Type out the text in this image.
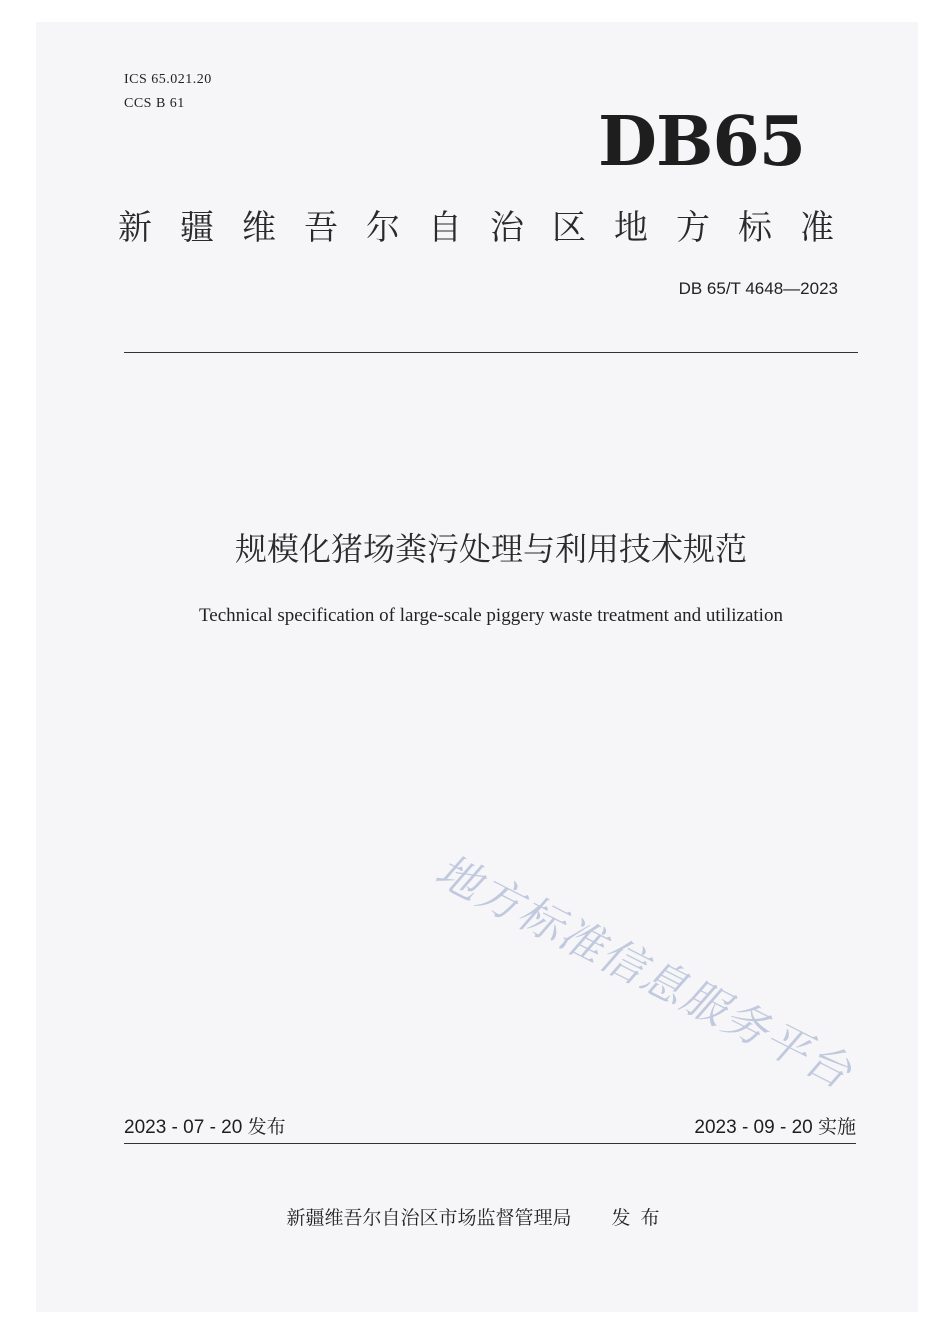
ICS 65.021.20
CCS B 61	DB65
新疆维吾尔自治区地方标准
DB 65/T 4648—2023
规模化猪场粪污处理与利用技术规范
Technical specification of large-scale piggery waste treatment and utilization
地方标准信息服务平台
2023 - 07 - 20 发布	2023 - 09 - 20 实施
新疆维吾尔自治区市场监督管理局 发布
